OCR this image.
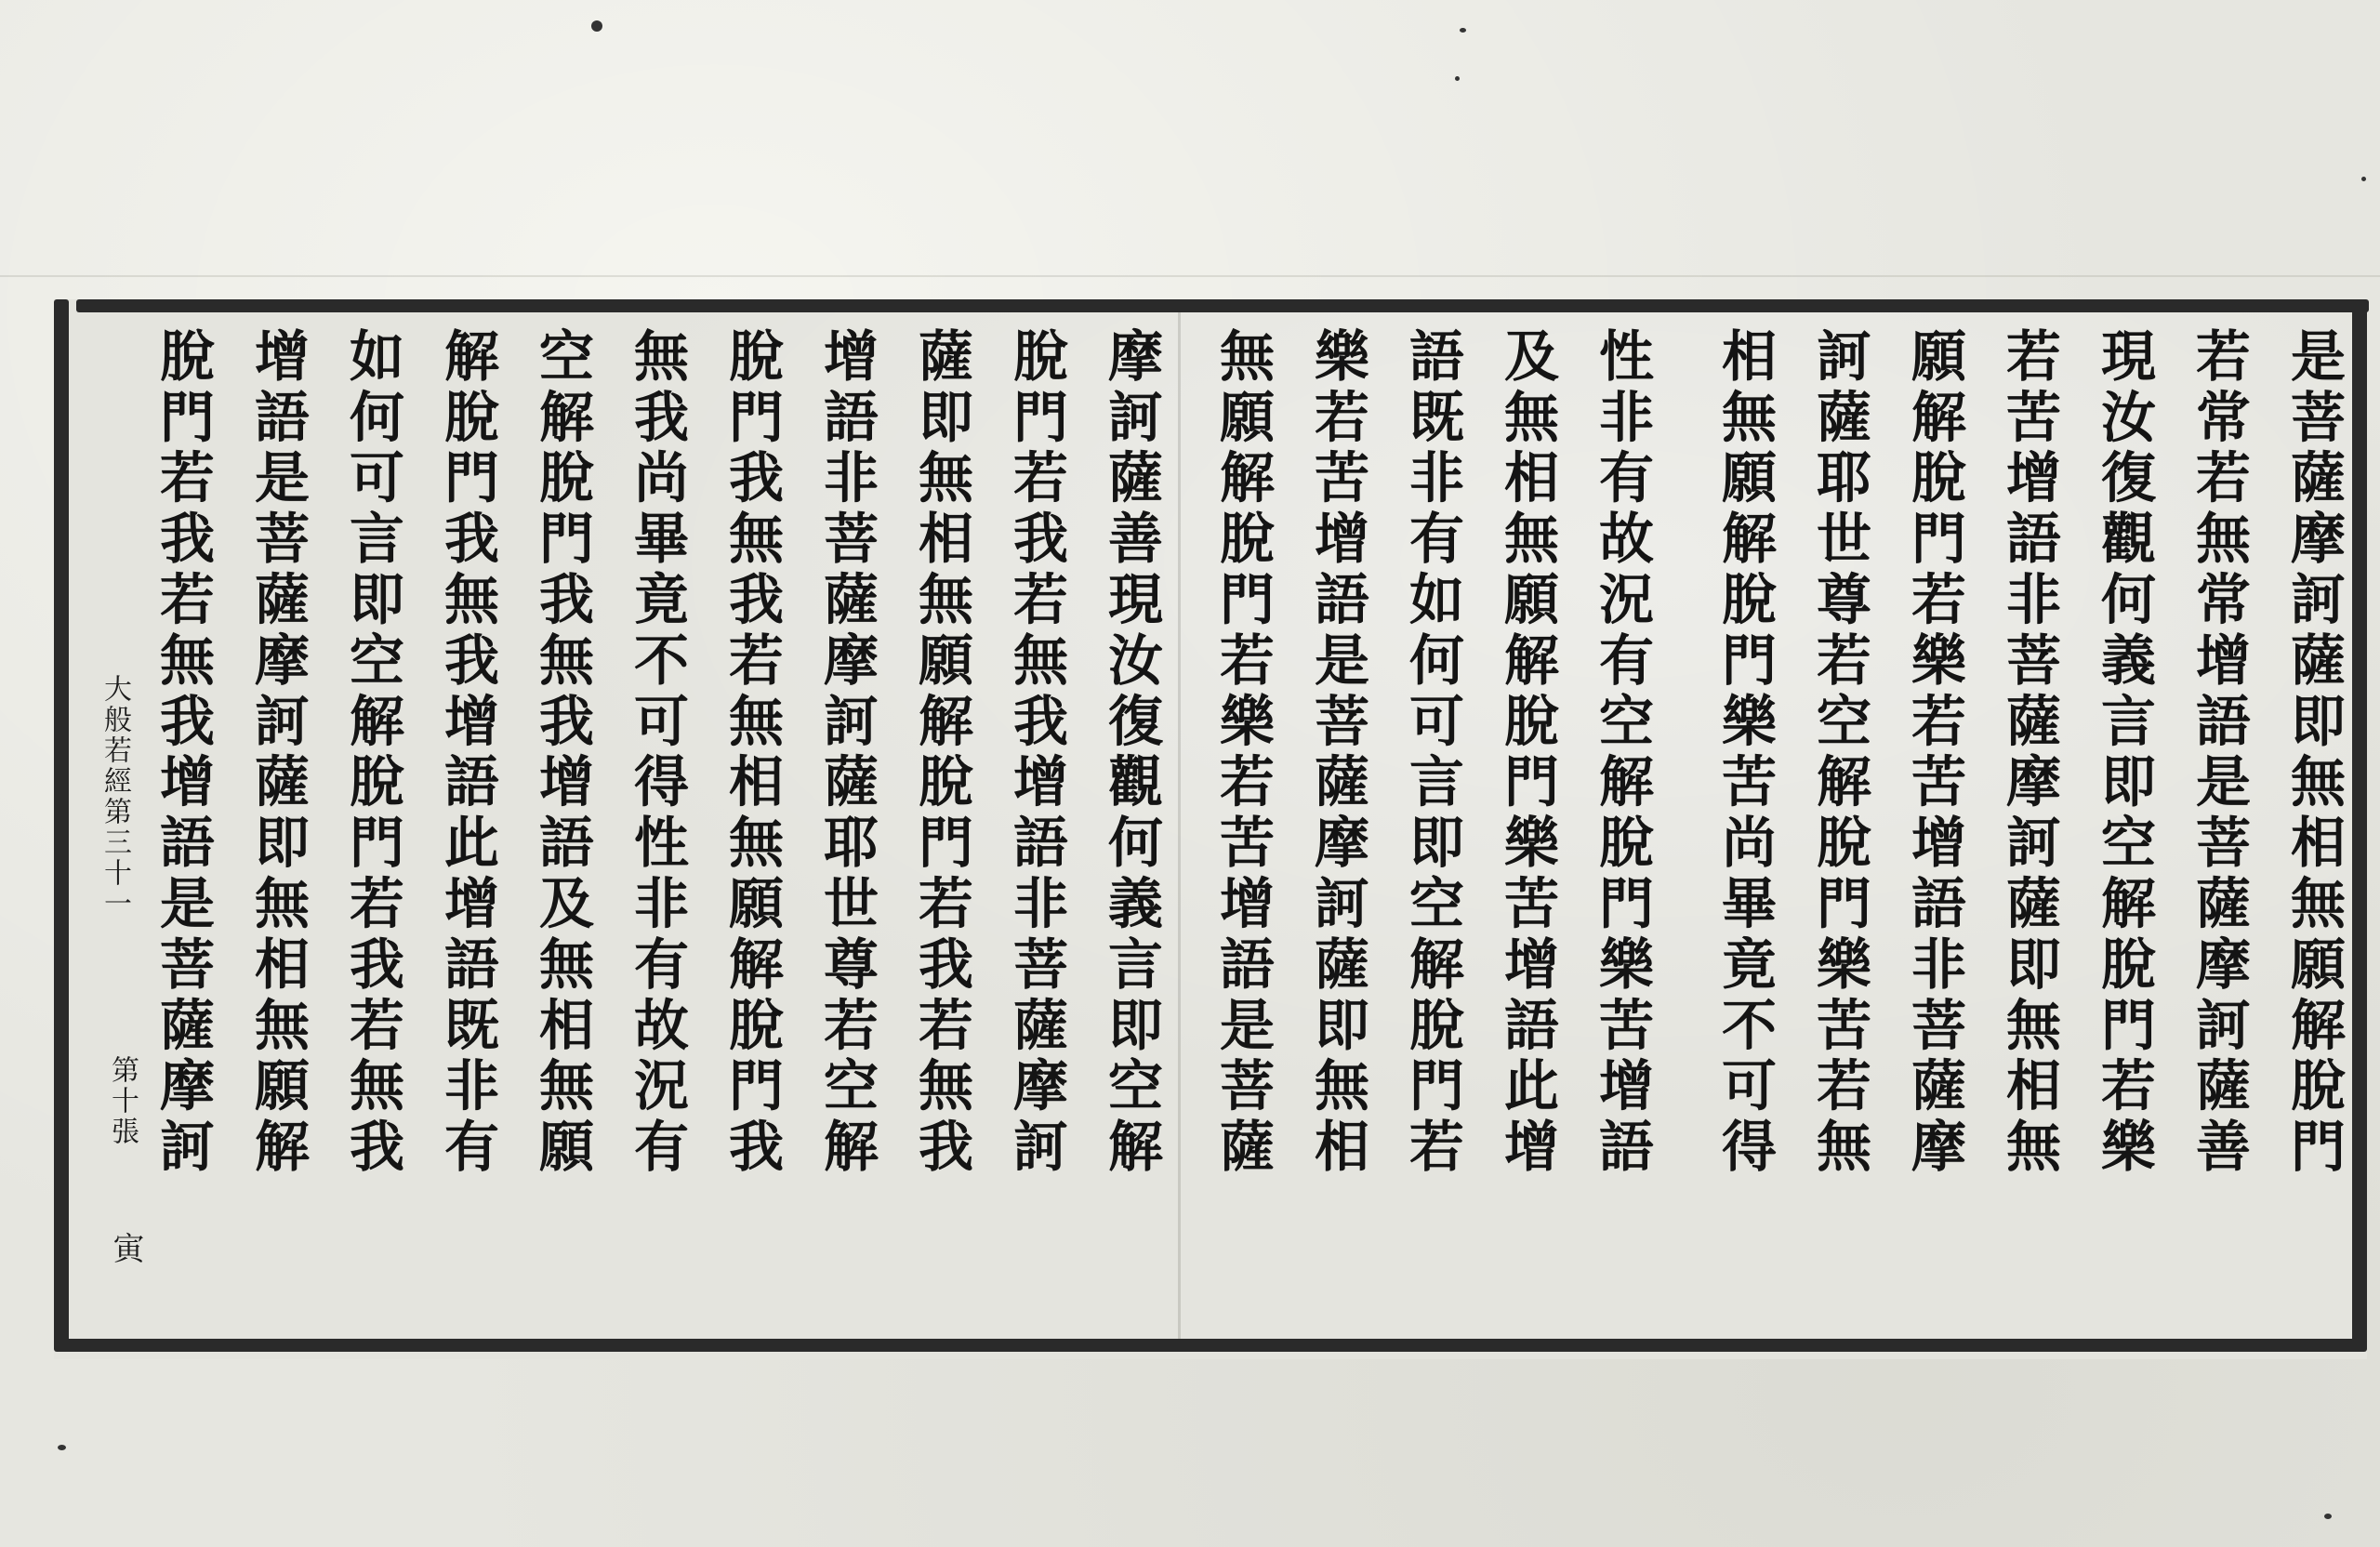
是菩薩摩訶薩即無相無願解脫門
若常若無常增語是菩薩摩訶薩善
現汝復觀何義言即空解脫門若樂
若苦增語非菩薩摩訶薩即無相無
願解脫門若樂若苦增語非菩薩摩
訶薩耶世尊若空解脫門樂苦若無
相無願解脫門樂苦尚畢竟不可得
性非有故況有空解脫門樂苦增語
及無相無願解脫門樂苦增語此增
語既非有如何可言即空解脫門若
樂若苦增語是菩薩摩訶薩即無相
無願解脫門若樂若苦增語是菩薩
摩訶薩善現汝復觀何義言即空解
脫門若我若無我增語非菩薩摩訶
薩即無相無願解脫門若我若無我
增語非菩薩摩訶薩耶世尊若空解
脫門我無我若無相無願解脫門我
無我尚畢竟不可得性非有故況有
空解脫門我無我增語及無相無願
解脫門我無我增語此增語既非有
如何可言即空解脫門若我若無我
增語是菩薩摩訶薩即無相無願解
脫門若我若無我增語是菩薩摩訶
大般若經第三十一
第十張
寅
